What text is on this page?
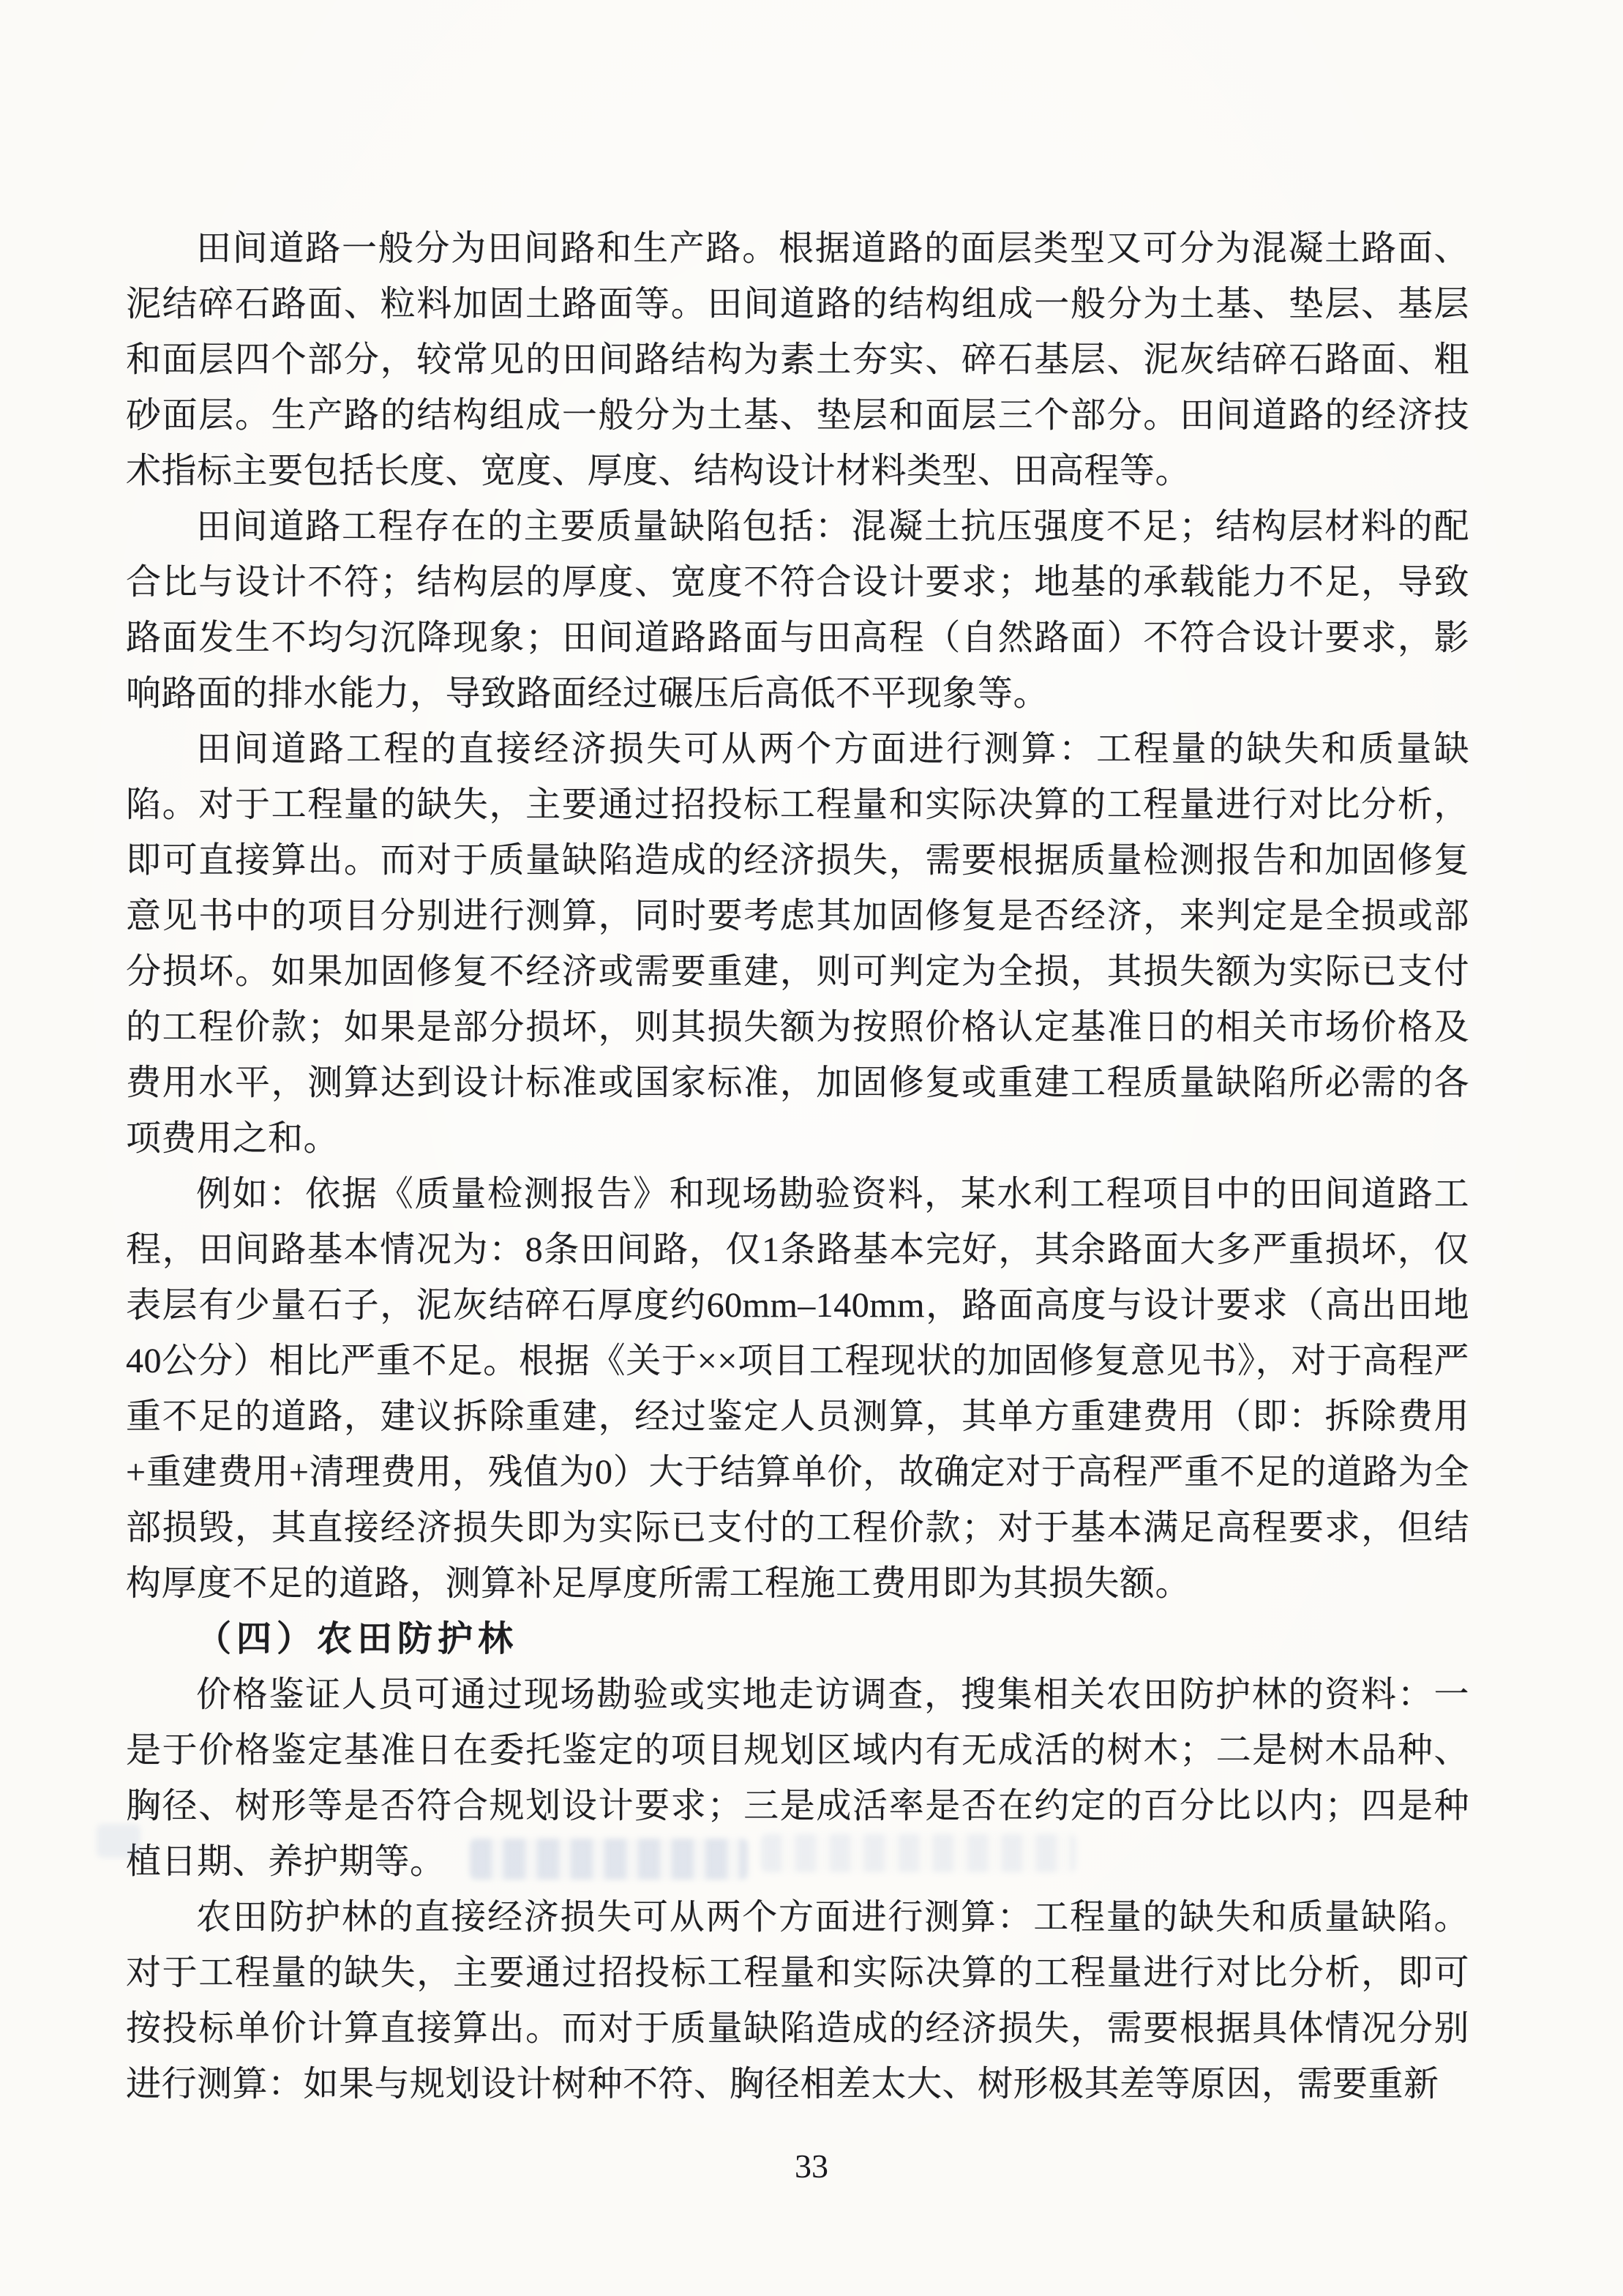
田间道路一般分为田间路和生产路。根据道路的面层类型又可分为混凝土路面、泥结碎石路面、粒料加固土路面等。田间道路的结构组成一般分为土基、垫层、基层和面层四个部分，较常见的田间路结构为素土夯实、碎石基层、泥灰结碎石路面、粗砂面层。生产路的结构组成一般分为土基、垫层和面层三个部分。田间道路的经济技术指标主要包括长度、宽度、厚度、结构设计材料类型、田高程等。

田间道路工程存在的主要质量缺陷包括：混凝土抗压强度不足；结构层材料的配合比与设计不符；结构层的厚度、宽度不符合设计要求；地基的承载能力不足，导致路面发生不均匀沉降现象；田间道路路面与田高程（自然路面）不符合设计要求，影响路面的排水能力，导致路面经过碾压后高低不平现象等。

田间道路工程的直接经济损失可从两个方面进行测算：工程量的缺失和质量缺陷。对于工程量的缺失，主要通过招投标工程量和实际决算的工程量进行对比分析，即可直接算出。而对于质量缺陷造成的经济损失，需要根据质量检测报告和加固修复意见书中的项目分别进行测算，同时要考虑其加固修复是否经济，来判定是全损或部分损坏。如果加固修复不经济或需要重建，则可判定为全损，其损失额为实际已支付的工程价款；如果是部分损坏，则其损失额为按照价格认定基准日的相关市场价格及费用水平，测算达到设计标准或国家标准，加固修复或重建工程质量缺陷所必需的各项费用之和。

例如：依据《质量检测报告》和现场勘验资料，某水利工程项目中的田间道路工程，田间路基本情况为：8条田间路，仅1条路基本完好，其余路面大多严重损坏，仅表层有少量石子，泥灰结碎石厚度约60mm–140mm，路面高度与设计要求（高出田地40公分）相比严重不足。根据《关于××项目工程现状的加固修复意见书》，对于高程严重不足的道路，建议拆除重建，经过鉴定人员测算，其单方重建费用（即：拆除费用+重建费用+清理费用，残值为0）大于结算单价，故确定对于高程严重不足的道路为全部损毁，其直接经济损失即为实际已支付的工程价款；对于基本满足高程要求，但结构厚度不足的道路，测算补足厚度所需工程施工费用即为其损失额。

（四）农田防护林

价格鉴证人员可通过现场勘验或实地走访调查，搜集相关农田防护林的资料：一是于价格鉴定基准日在委托鉴定的项目规划区域内有无成活的树木；二是树木品种、胸径、树形等是否符合规划设计要求；三是成活率是否在约定的百分比以内；四是种植日期、养护期等。

农田防护林的直接经济损失可从两个方面进行测算：工程量的缺失和质量缺陷。对于工程量的缺失，主要通过招投标工程量和实际决算的工程量进行对比分析，即可按投标单价计算直接算出。而对于质量缺陷造成的经济损失，需要根据具体情况分别进行测算：如果与规划设计树种不符、胸径相差太大、树形极其差等原因，需要重新

33
